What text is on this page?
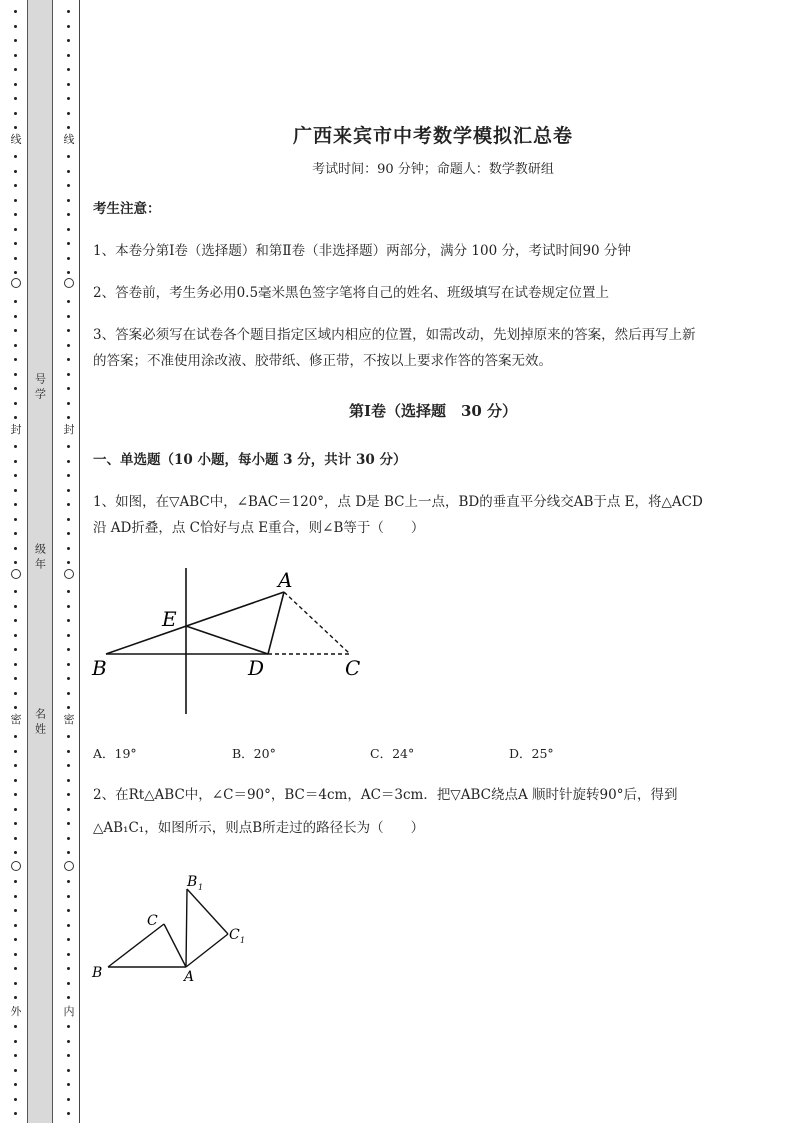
线
封
密
外
号学
级年
名姓
线
封
密
内
广西来宾市中考数学模拟汇总卷
考试时间：90 分钟；命题人：数学教研组
考生注意：
1、本卷分第Ⅰ卷（选择题）和第Ⅱ卷（非选择题）两部分，满分 100 分，考试时间90 分钟
2、答卷前，考生务必用0.5毫米黑色签字笔将自己的姓名、班级填写在试卷规定位置上
3、答案必须写在试卷各个题目指定区域内相应的位置，如需改动，先划掉原来的答案，然后再写上新
的答案；不准使用涂改液、胶带纸、修正带，不按以上要求作答的答案无效。
第Ⅰ卷（选择题　30 分）
一、单选题（10 小题，每小题 3 分，共计 30 分）
1、如图，在▽ABC中，∠BAC＝120°，点 D是 BC上一点，BD的垂直平分线交AB于点 E，将△ACD
沿 AD折叠，点 C恰好与点 E重合，则∠B等于（　　）
A
E
B	D	C
A．19°	B．20°	C．24°	D．25°
2、在Rt△ABC中，∠C＝90°，BC＝4cm，AC＝3cm．把▽ABC绕点A 顺时针旋转90°后，得到
△AB₁C₁，如图所示，则点B所走过的路径长为（　　）
B
C
A
B 1
C 1
